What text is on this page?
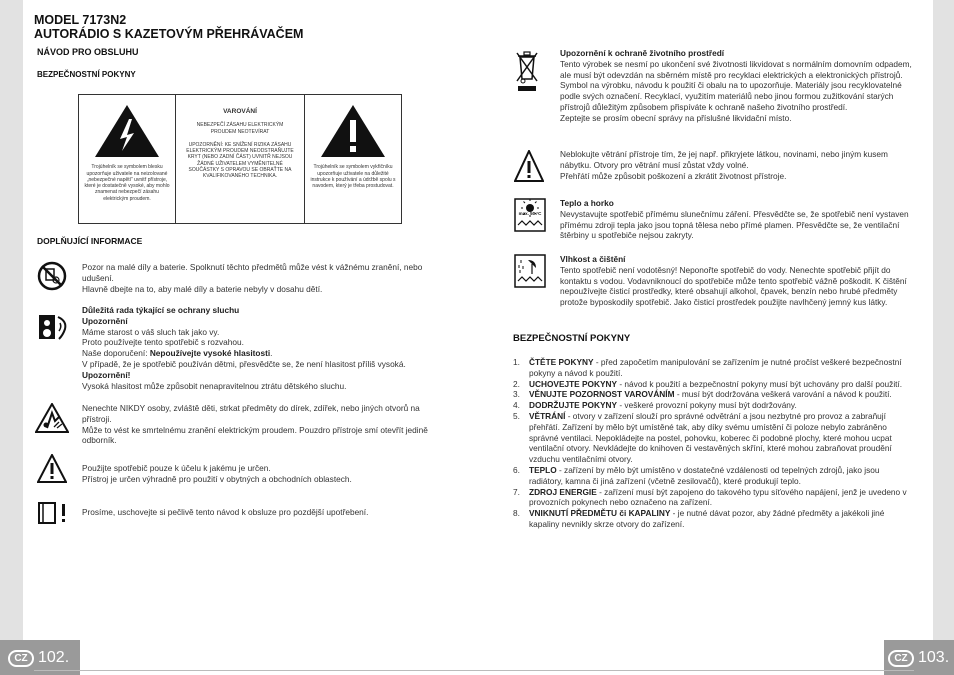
MODEL 7173N2
AUTORÁDIO S KAZETOVÝM PŘEHRÁVAČEM
NÁVOD PRO OBSLUHU
BEZPEČNOSTNÍ POKYNY
Trojúhelník se symbolem blesku upozorňuje uživatele na neizolované „nebezpečné napětí“ uvnitř přístroje, které je dostatečně vysoké, aby mohlo znamenat nebezpečí zásahu elektrickým proudem.
VAROVÁNÍ
NEBEZPEČÍ ZÁSAHU ELEKTRICKÝM PROUDEM NEOTEVÍRAT
UPOZORNĚNÍ: KE SNÍŽENÍ RIZIKA ZÁSAHU ELEKTRICKÝM PROUDEM NEODSTRAŇUJTE KRYT (NEBO ZADNÍ ČÁST) UVNITŘ NEJSOU ŽÁDNÉ UŽIVATELEM VYMĚNITELNÉ SOUČÁSTKY S OPRAVOU SE OBRAŤTE NA KVALIFIKOVANÉHO TECHNIKA.
Trojúhelník se symbolem vykřičníku upozorňuje uživatele na důležité instrukce k používání a údržbě spolu s navodem, který je třeba prostudovat.
DOPLŇUJÍCÍ INFORMACE
Pozor na malé díly a baterie. Spolknutí těchto předmětů může vést k vážnému zranění, nebo udušení.
Hlavně dbejte na to, aby malé díly a baterie nebyly v dosahu dětí.
Důležitá rada týkající se ochrany sluchu
Upozornění
Máme starost o váš sluch tak jako vy.
Proto používejte tento spotřebič s rozvahou.
Naše doporučení: Nepoužívejte vysoké hlasitosti.
V případě, že je spotřebič používán dětmi, přesvědčte se, že není hlasitost příliš vysoká.
Upozornění!
Vysoká hlasitost může způsobit nenapravitelnou ztrátu dětského sluchu.
Nenechte NIKDY osoby, zvláště děti, strkat předměty do dírek, zdířek, nebo jiných otvorů na přístroji.
Může to vést ke smrtelnému zranění elektrickým proudem. Pouzdro přístroje smí otevřít jedině odborník.
Použijte spotřebič pouze k účelu k jakému je určen.
Přístroj je určen výhradně pro použití v obytných a obchodních oblastech.
Prosíme, uschovejte si pečlivě tento návod k obsluze pro pozdější upotřebení.
CZ 102.
Upozornění k ochraně životního prostředí
Tento výrobek se nesmí po ukončení své životnosti likvidovat s normálním domovním odpadem, ale musí být odevzdán na sběrném místě pro recyklaci elektrických a elektronických přístrojů. Symbol na výrobku, návodu k použití či obalu na to upozorňuje. Materiály jsou recyklovatelné podle svých označení. Recyklací, využitím materiálů nebo jinou formou zužitkování starých přístrojů důležitým způsobem přispíváte k ochraně našeho životního prostředí.
Zeptejte se prosím obecní správy na příslušné likvidační místo.
Neblokujte větrání přístroje tím, že jej např. přikryjete látkou, novinami, nebo jiným kusem nábytku. Otvory pro větrání musí zůstat vždy volné.
Přehřátí může způsobit poškození a zkrátit životnost přístroje.
max. 50 °C
Teplo a horko
Nevystavujte spotřebič přímému slunečnímu záření. Přesvědčte se, že spotřebič není vystaven přímému zdroji tepla jako jsou topná tělesa nebo přímé plamen. Přesvědčte se, že ventilační štěrbiny u spotřebiče nejsou zakryty.
Vlhkost a čištění
Tento spotřebič není vodotěsný! Neponořte spotřebič do vody. Nenechte spotřebič přijít do kontaktu s vodou. Vodavniknoucí do spotřebiče může tento spotřebič vážně poškodit. K čištění nepoužívejte čisticí prostředky, které obsahují alkohol, čpavek, benzín nebo hrubé předměty protože byposkodily spotřebič. Jako čisticí prostředek použijte navlhčený jemný kus látky.
BEZPEČNOSTNÍ POKYNY
1.	ČTĚTE POKYNY - před započetím manipulování se zařízením je nutné pročíst veškeré bezpečnostní pokyny a návod k použití.
2.	UCHOVEJTE POKYNY - návod k použití a bezpečnostní pokyny musí být uchovány pro další použití.
3.	VĚNUJTE POZORNOST VAROVÁNÍM - musí být dodržována veškerá varování a návod k použití.
4.	DODRŽUJTE POKYNY - veškeré provozní pokyny musí být dodržovány.
5.	VĚTRÁNÍ - otvory v zařízení slouží pro správné odvětrání a jsou nezbytné pro provoz a zabraňují přehřátí. Zařízení by mělo být umístěné tak, aby díky svému umístění či poloze nebylo zabráněno správné ventilaci. Nepokládejte na postel, pohovku, koberec či podobné plochy, které mohou ucpat ventilační otvory. Nevkládejte do knihoven či vestavěných skříní, které mohou zabraňovat proudění vzduchu ventilačními otvory.
6.	TEPLO - zařízení by mělo být umístěno v dostatečné vzdálenosti od tepelných zdrojů, jako jsou radiátory, kamna či jiná zařízení (včetně zesilovačů), které produkují teplo.
7.	ZDROJ ENERGIE - zařízení musí být zapojeno do takového typu síťového napájení, jenž je uvedeno v provozních pokynech nebo označeno na zařízení.
8.	VNIKNUTÍ PŘEDMĚTU či KAPALINY - je nutné dávat pozor, aby žádné předměty a jakékoli jiné kapaliny nevnikly skrze otvory do zařízení.
CZ 103.
